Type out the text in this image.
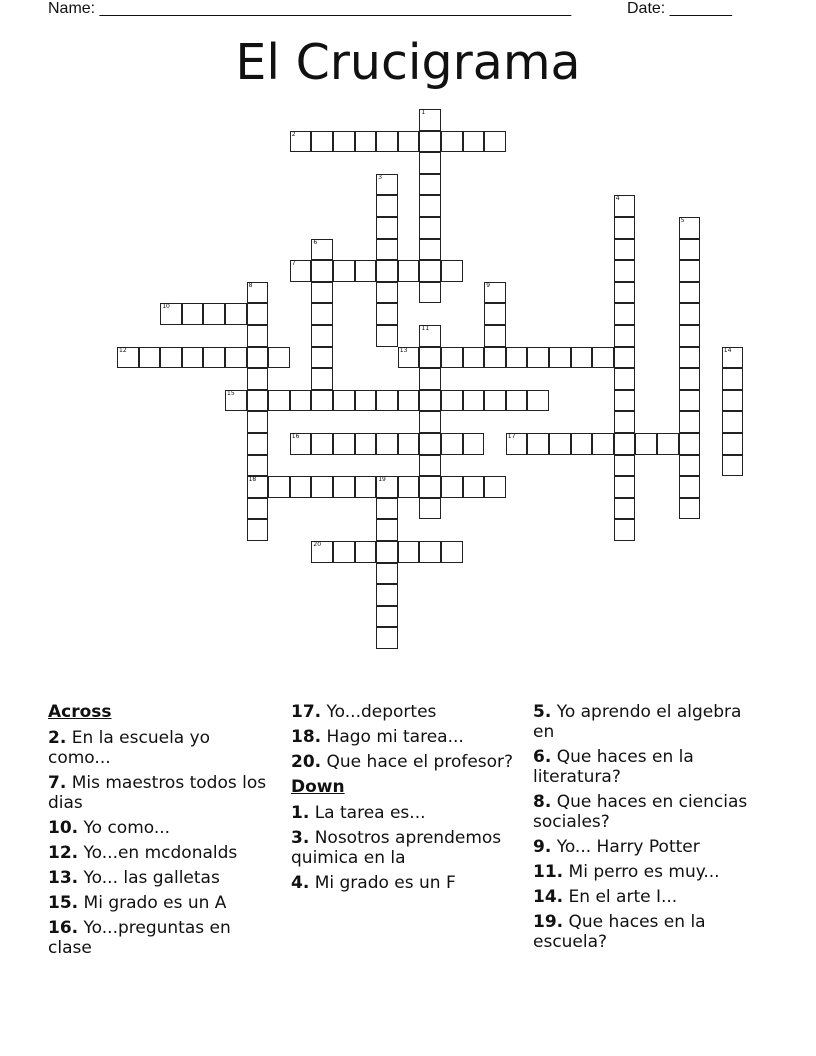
Name: _____________________________________________________	Date: _______
El Crucigrama
1
2
3
4
5
6
7
8
18
9
10
11
12	13	14
15
16	17
19
20
Across
2. En la escuela yo como...
7. Mis maestros todos los dias
10. Yo como...
12. Yo...en mcdonalds
13. Yo... las galletas
15. Mi grado es un A
16. Yo...preguntas en clase
17. Yo...deportes
18. Hago mi tarea...
20. Que hace el profesor?
Down
1. La tarea es...
3. Nosotros aprendemos quimica en la
4. Mi grado es un F
5. Yo aprendo el algebra en
6. Que haces en la literatura?
8. Que haces en ciencias sociales?
9. Yo... Harry Potter
11. Mi perro es muy...
14. En el arte I...
19. Que haces en la escuela?
